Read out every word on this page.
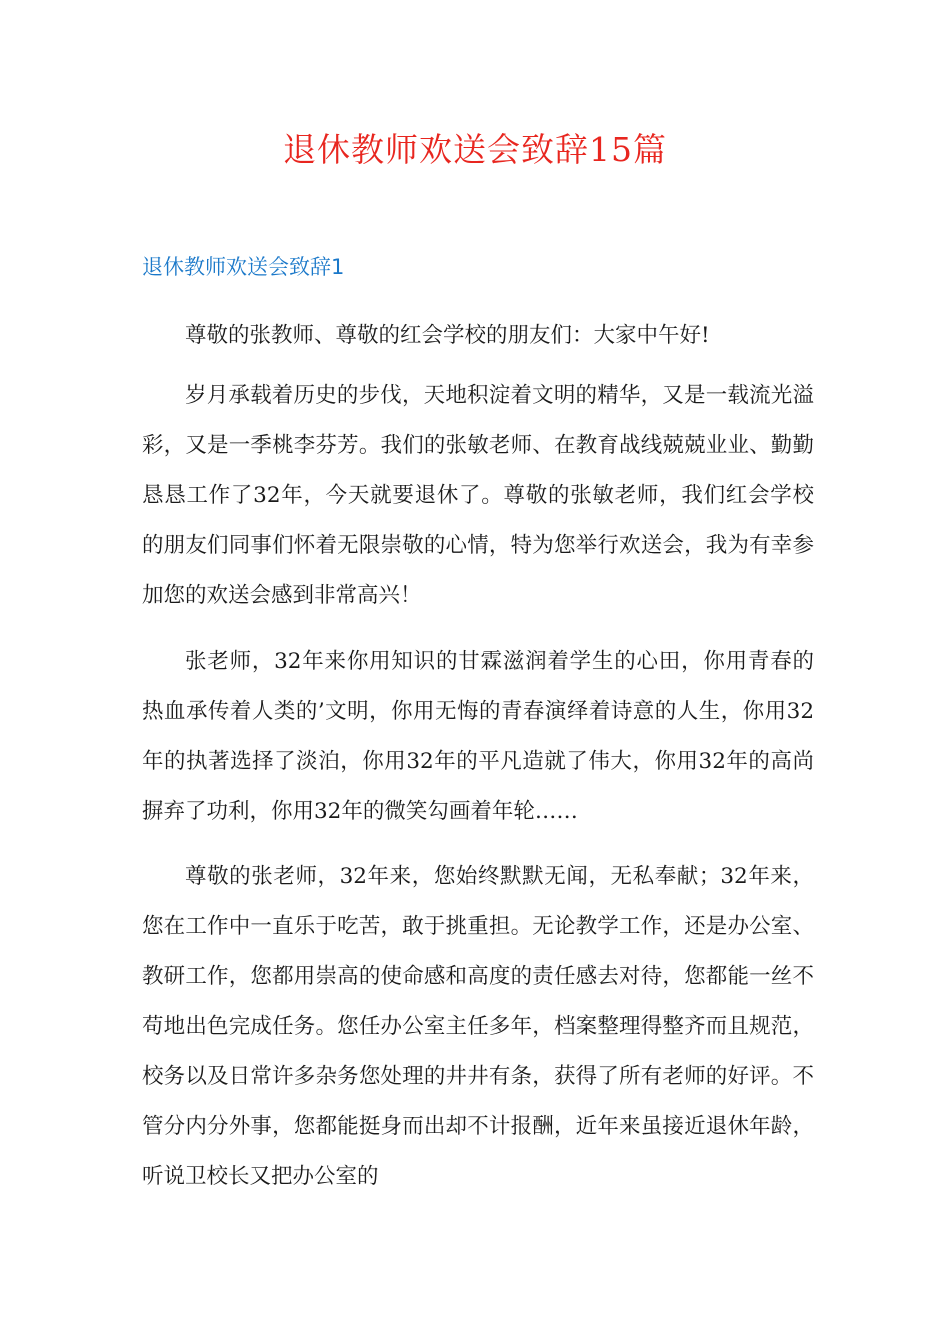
退休教师欢送会致辞15篇
退休教师欢送会致辞1

尊敬的张教师、尊敬的红会学校的朋友们：大家中午好!

岁月承载着历史的步伐，天地积淀着文明的精华，又是一载流光溢彩，又是一季桃李芬芳。我们的张敏老师、在教育战线兢兢业业、勤勤恳恳工作了32年，今天就要退休了。尊敬的张敏老师，我们红会学校的朋友们同事们怀着无限崇敬的心情，特为您举行欢送会，我为有幸参加您的欢送会感到非常高兴！

张老师，32年来你用知识的甘霖滋润着学生的心田，你用青春的热血承传着人类的’文明，你用无悔的青春演绎着诗意的人生，你用32年的执著选择了淡泊，你用32年的平凡造就了伟大，你用32年的高尚摒弃了功利，你用32年的微笑勾画着年轮……

尊敬的张老师，32年来，您始终默默无闻，无私奉献；32年来，您在工作中一直乐于吃苦，敢于挑重担。无论教学工作，还是办公室、教研工作，您都用崇高的使命感和高度的责任感去对待，您都能一丝不苟地出色完成任务。您任办公室主任多年，档案整理得整齐而且规范，校务以及日常许多杂务您处理的井井有条，获得了所有老师的好评。不管分内分外事，您都能挺身而出却不计报酬，近年来虽接近退休年龄，听说卫校长又把办公室的
